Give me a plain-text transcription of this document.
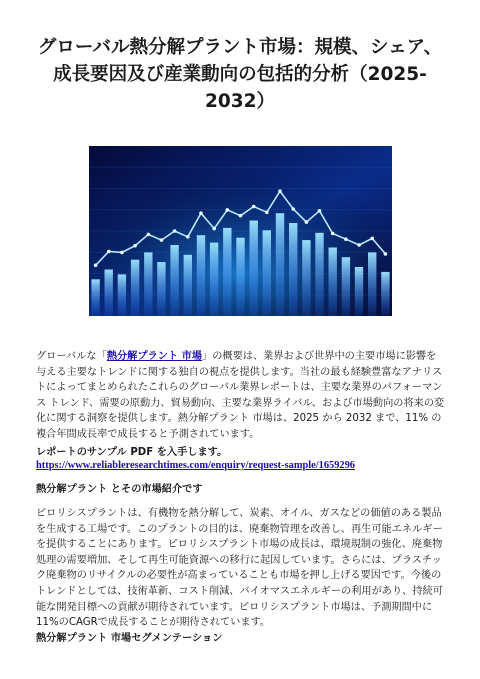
グローバル熱分解プラント市場：規模、シェア、成長要因及び産業動向の包括的分析（2025-2032）

グローバルな「熱分解プラント 市場」の概要は、業界および世界中の主要市場に影響を与える主要なトレンドに関する独自の視点を提供します。当社の最も経験豊富なアナリストによってまとめられたこれらのグローバル業界レポートは、主要な業界のパフォーマンス トレンド、需要の原動力、貿易動向、主要な業界ライバル、および市場動向の将来の変化に関する洞察を提供します。熱分解プラント 市場は、2025 から 2032 まで、11% の複合年間成長率で成長すると予測されています。

レポートのサンプル PDF を入手します。 https://www.reliableresearchtimes.com/enquiry/request-sample/1659296

熱分解プラント とその市場紹介です

ピロリシスプラントは、有機物を熱分解して、炭素、オイル、ガスなどの価値のある製品を生成する工場です。このプラントの目的は、廃棄物管理を改善し、再生可能エネルギーを提供することにあります。ピロリシスプラント市場の成長は、環境規制の強化、廃棄物処理の需要増加、そして再生可能資源への移行に起因しています。さらには、プラスチック廃棄物のリサイクルの必要性が高まっていることも市場を押し上げる要因です。今後のトレンドとしては、技術革新、コスト削減、バイオマスエネルギーの利用があり、持続可能な開発目標への貢献が期待されています。ピロリシスプラント市場は、予測期間中に11%のCAGRで成長することが期待されています。

熱分解プラント 市場セグメンテーション
